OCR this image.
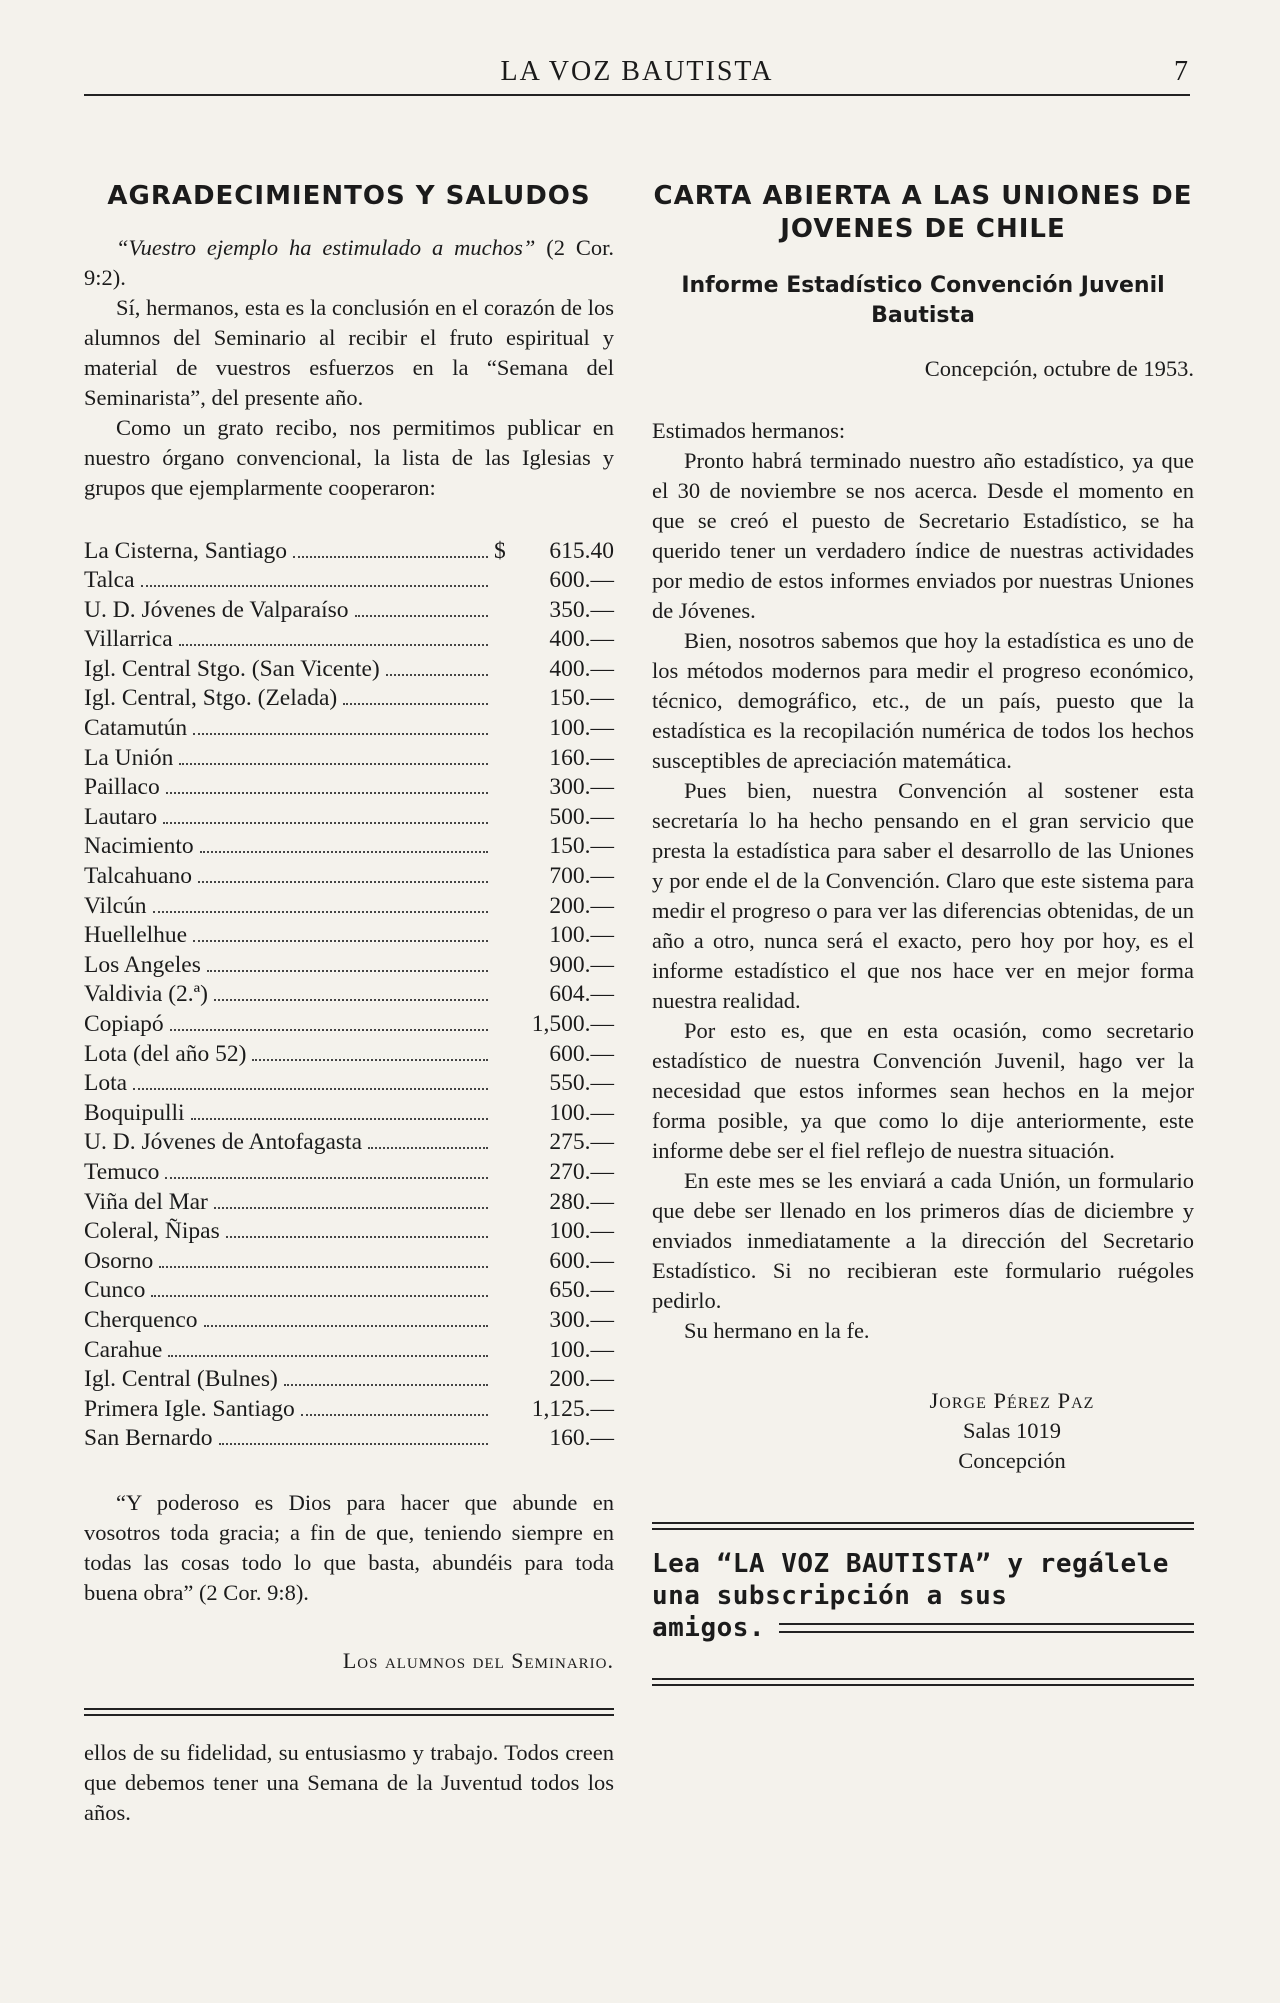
LA VOZ BAUTISTA	7
AGRADECIMIENTOS Y SALUDOS

“Vuestro ejemplo ha estimulado a muchos” (2 Cor. 9:2).

Sí, hermanos, esta es la conclusión en el corazón de los alumnos del Seminario al recibir el fruto espiritual y material de vuestros esfuerzos en la “Semana del Seminarista”, del presente año.

Como un grato recibo, nos permitimos publicar en nuestro órgano convencional, la lista de las Iglesias y grupos que ejemplarmente cooperaron:

La Cisterna, Santiago	$	615.40
Talca	600.—
U. D. Jóvenes de Valparaíso	350.—
Villarrica	400.—
Igl. Central Stgo. (San Vicente)	400.—
Igl. Central, Stgo. (Zelada)	150.—
Catamutún	100.—
La Unión	160.—
Paillaco	300.—
Lautaro	500.—
Nacimiento	150.—
Talcahuano	700.—
Vilcún	200.—
Huellelhue	100.—
Los Angeles	900.—
Valdivia (2.ª)	604.—
Copiapó	1,500.—
Lota (del año 52)	600.—
Lota	550.—
Boquipulli	100.—
U. D. Jóvenes de Antofagasta	275.—
Temuco	270.—
Viña del Mar	280.—
Coleral, Ñipas	100.—
Osorno	600.—
Cunco	650.—
Cherquenco	300.—
Carahue	100.—
Igl. Central (Bulnes)	200.—
Primera Igle. Santiago	1,125.—
San Bernardo	160.—

“Y poderoso es Dios para hacer que abunde en vosotros toda gracia; a fin de que, teniendo siempre en todas las cosas todo lo que basta, abundéis para toda buena obra” (2 Cor. 9:8).

Los alumnos del Seminario.

ellos de su fidelidad, su entusiasmo y trabajo. Todos creen que debemos tener una Semana de la Juventud todos los años.

CARTA ABIERTA A LAS UNIONES DE JOVENES DE CHILE
Informe Estadístico Convención Juvenil Bautista
Concepción, octubre de 1953.

Estimados hermanos:

Pronto habrá terminado nuestro año estadístico, ya que el 30 de noviembre se nos acerca. Desde el momento en que se creó el puesto de Secretario Estadístico, se ha querido tener un verdadero índice de nuestras actividades por medio de estos informes enviados por nuestras Uniones de Jóvenes.

Bien, nosotros sabemos que hoy la estadística es uno de los métodos modernos para medir el progreso económico, técnico, demográfico, etc., de un país, puesto que la estadística es la recopilación numérica de todos los hechos susceptibles de apreciación matemática.

Pues bien, nuestra Convención al sostener esta secretaría lo ha hecho pensando en el gran servicio que presta la estadística para saber el desarrollo de las Uniones y por ende el de la Convención. Claro que este sistema para medir el progreso o para ver las diferencias obtenidas, de un año a otro, nunca será el exacto, pero hoy por hoy, es el informe estadístico el que nos hace ver en mejor forma nuestra realidad.

Por esto es, que en esta ocasión, como secretario estadístico de nuestra Convención Juvenil, hago ver la necesidad que estos informes sean hechos en la mejor forma posible, ya que como lo dije anteriormente, este informe debe ser el fiel reflejo de nuestra situación.

En este mes se les enviará a cada Unión, un formulario que debe ser llenado en los primeros días de diciembre y enviados inmediatamente a la dirección del Secretario Estadístico. Si no recibieran este formulario ruégoles pedirlo.

Su hermano en la fe.

Jorge Pérez Paz
Salas 1019
Concepción
Lea “LA VOZ BAUTISTA” y regálele una subscripción a sus
amigos.
